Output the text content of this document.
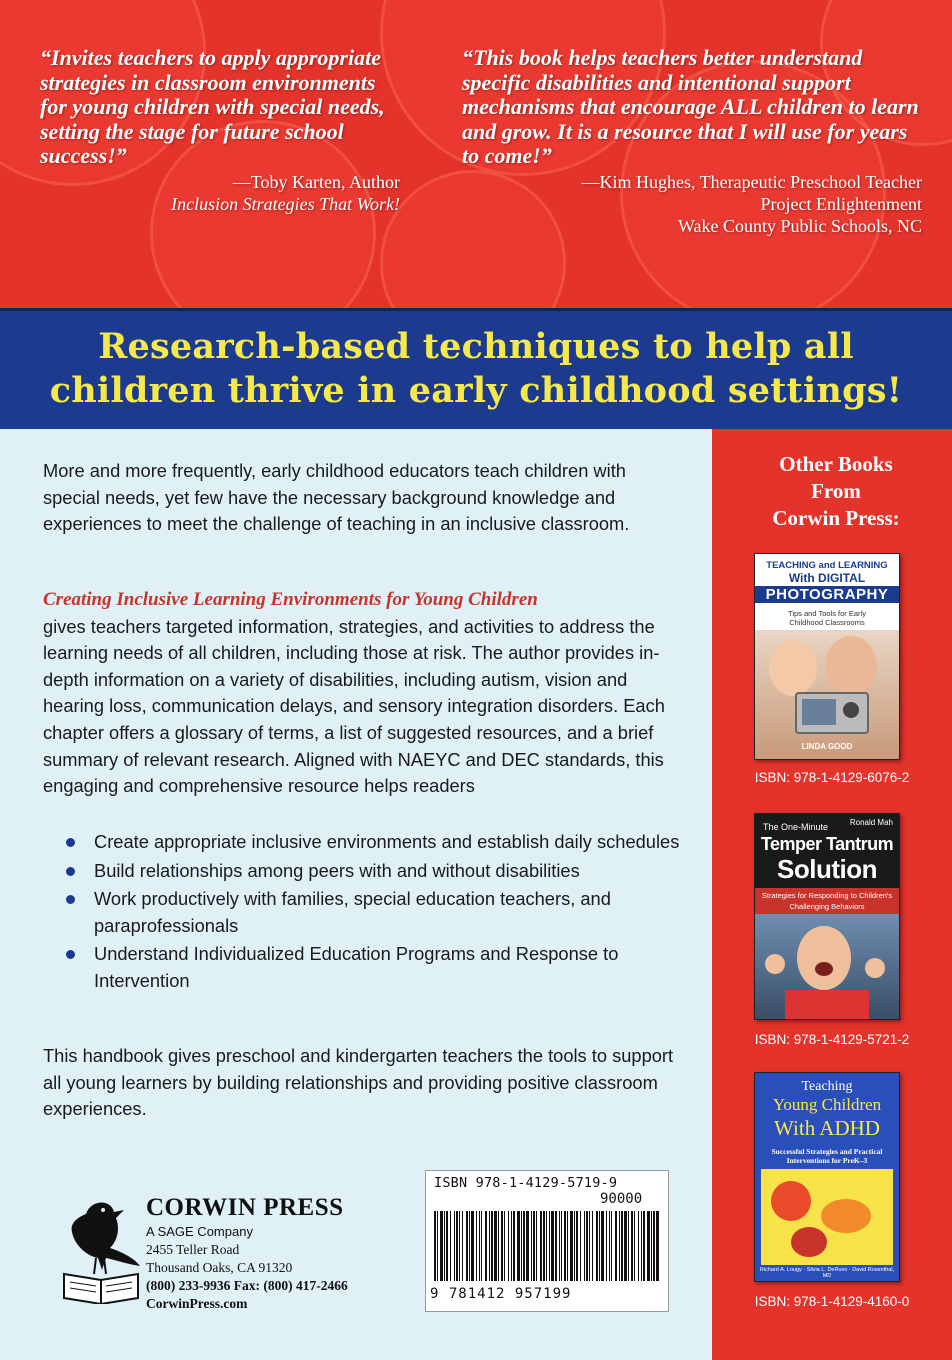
“Invites teachers to apply appropriate strategies in classroom environments for young children with special needs, setting the stage for future school success!”
—Toby Karten, Author
Inclusion Strategies That Work!
“This book helps teachers better understand specific disabilities and intentional support mechanisms that encourage ALL children to learn and grow. It is a resource that I will use for years to come!”
—Kim Hughes, Therapeutic Preschool Teacher
Project Enlightenment
Wake County Public Schools, NC
Research-based techniques to help all
children thrive in early childhood settings!
More and more frequently, early childhood educators teach children with special needs, yet few have the necessary background knowledge and experiences to meet the challenge of teaching in an inclusive classroom.
Creating Inclusive Learning Environments for Young Children
gives teachers targeted information, strategies, and activities to address the learning needs of all children, including those at risk. The author provides in-depth information on a variety of disabilities, including autism, vision and hearing loss, communication delays, and sensory integration disorders. Each chapter offers a glossary of terms, a list of suggested resources, and a brief summary of relevant research. Aligned with NAEYC and DEC standards, this engaging and comprehensive resource helps readers
Create appropriate inclusive environments and establish daily schedules
Build relationships among peers with and without disabilities
Work productively with families, special education teachers, and paraprofessionals
Understand Individualized Education Programs and Response to Intervention
This handbook gives preschool and kindergarten teachers the tools to support all young learners by building relationships and providing positive classroom experiences.
CORWIN PRESS
A SAGE Company
2455 Teller Road
Thousand Oaks, CA 91320
(800) 233-9936 Fax: (800) 417-2466
CorwinPress.com
ISBN 978-1-4129-5719-9
90000
9 781412 957199
Other Books
From
Corwin Press:
TEACHING and LEARNING
With DIGITAL
PHOTOGRAPHY
Tips and Tools for Early Childhood Classrooms
LINDA GOOD
ISBN: 978-1-4129-6076-2
Ronald Mah
The One-Minute
Temper Tantrum
Solution
Strategies for Responding to Children's Challenging Behaviors
ISBN: 978-1-4129-5721-2
Teaching
Young Children
With ADHD
Successful Strategies and Practical Interventions for PreK–3
Richard A. Lougy · Silvia L. DeRuvo · David Rosenthal, MD
ISBN: 978-1-4129-4160-0
